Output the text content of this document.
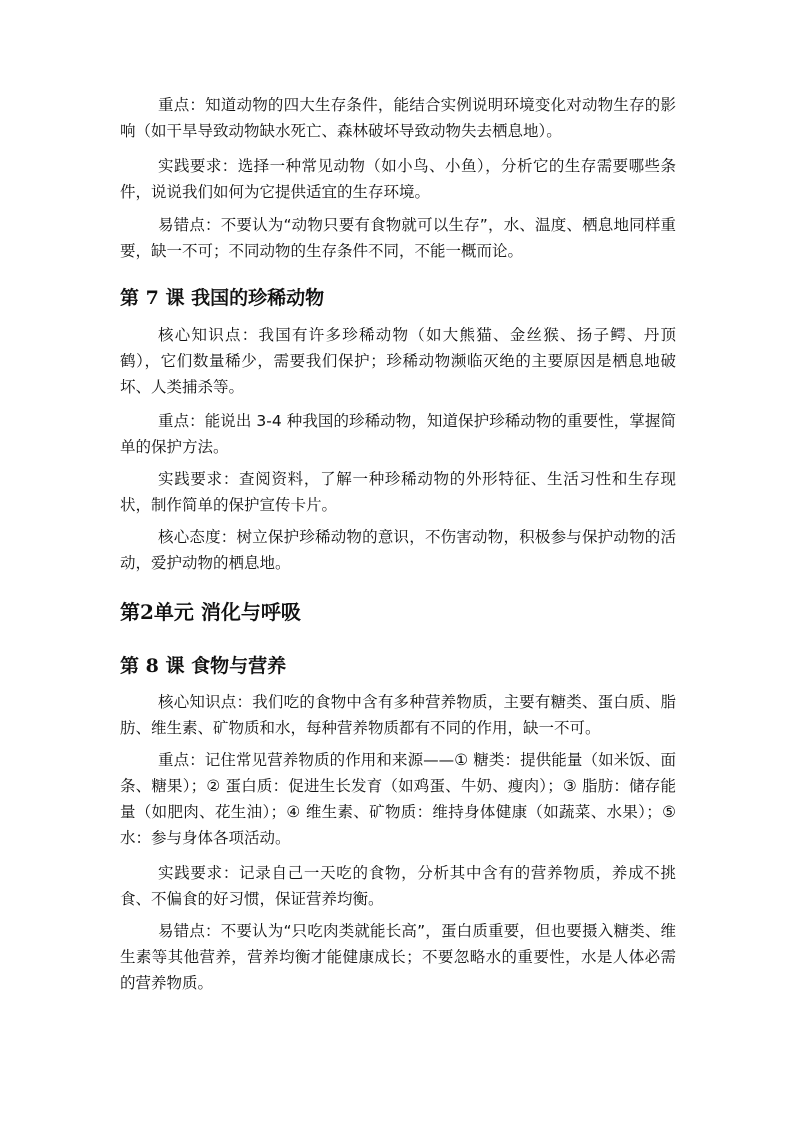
重点：知道动物的四大生存条件，能结合实例说明环境变化对动物生存的影响（如干旱导致动物缺水死亡、森林破坏导致动物失去栖息地）。

实践要求：选择一种常见动物（如小鸟、小鱼），分析它的生存需要哪些条件，说说我们如何为它提供适宜的生存环境。

易错点：不要认为“动物只要有食物就可以生存”，水、温度、栖息地同样重要，缺一不可；不同动物的生存条件不同，不能一概而论。

第 7 课 我国的珍稀动物

核心知识点：我国有许多珍稀动物（如大熊猫、金丝猴、扬子鳄、丹顶鹤），它们数量稀少，需要我们保护；珍稀动物濒临灭绝的主要原因是栖息地破坏、人类捕杀等。

重点：能说出 3-4 种我国的珍稀动物，知道保护珍稀动物的重要性，掌握简单的保护方法。

实践要求：查阅资料，了解一种珍稀动物的外形特征、生活习性和生存现状，制作简单的保护宣传卡片。

核心态度：树立保护珍稀动物的意识，不伤害动物，积极参与保护动物的活动，爱护动物的栖息地。

第2单元 消化与呼吸
第 8 课 食物与营养

核心知识点：我们吃的食物中含有多种营养物质，主要有糖类、蛋白质、脂肪、维生素、矿物质和水，每种营养物质都有不同的作用，缺一不可。

重点：记住常见营养物质的作用和来源——① 糖类：提供能量（如米饭、面条、糖果）；② 蛋白质：促进生长发育（如鸡蛋、牛奶、瘦肉）；③ 脂肪：储存能量（如肥肉、花生油）；④ 维生素、矿物质：维持身体健康（如蔬菜、水果）；⑤ 水：参与身体各项活动。

实践要求：记录自己一天吃的食物，分析其中含有的营养物质，养成不挑食、不偏食的好习惯，保证营养均衡。

易错点：不要认为“只吃肉类就能长高”，蛋白质重要，但也要摄入糖类、维生素等其他营养，营养均衡才能健康成长；不要忽略水的重要性，水是人体必需的营养物质。
